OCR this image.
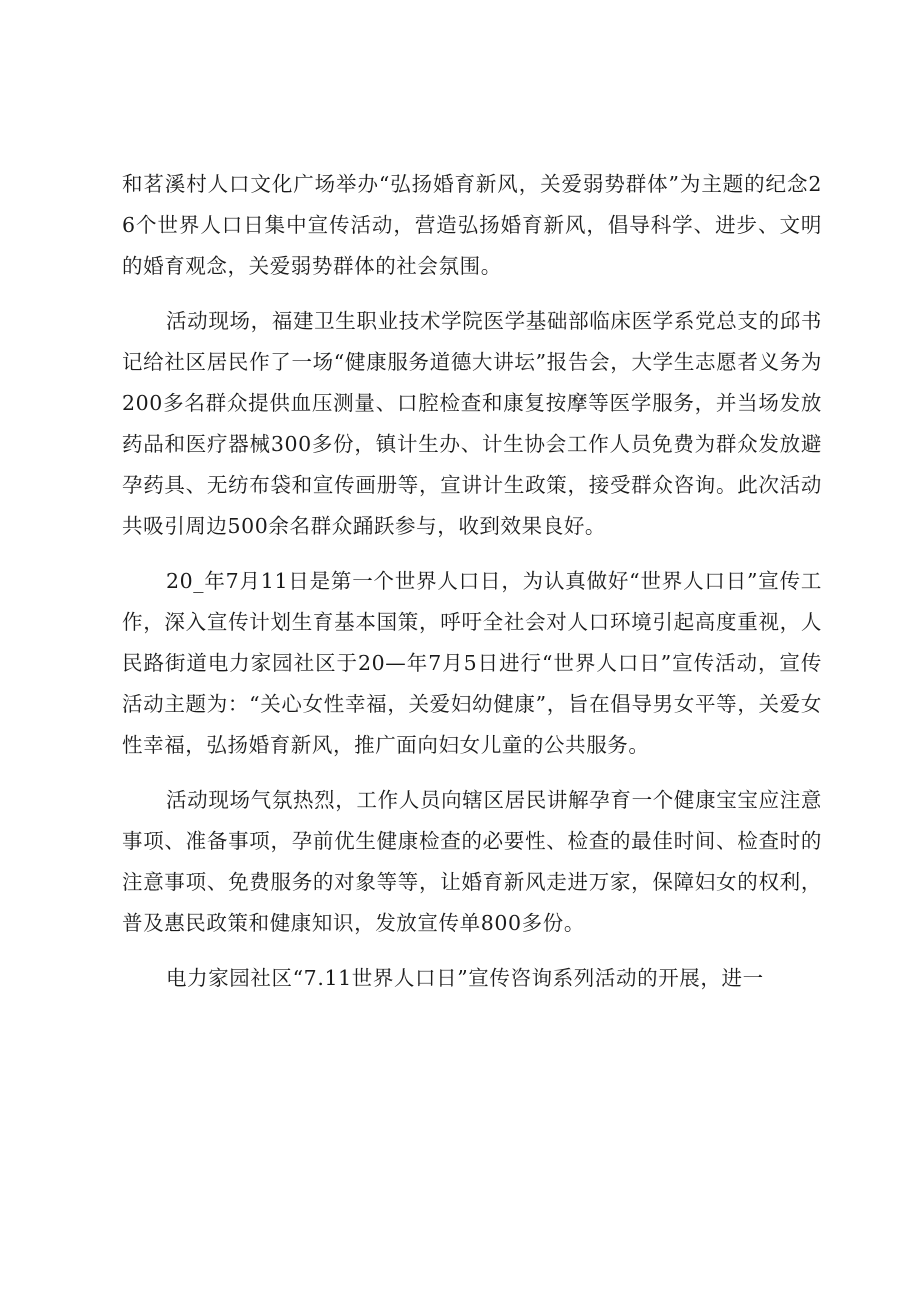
和茗溪村人口文化广场举办“弘扬婚育新风，关爱弱势群体”为主题的纪念26个世界人口日集中宣传活动，营造弘扬婚育新风，倡导科学、进步、文明的婚育观念，关爱弱势群体的社会氛围。

活动现场，福建卫生职业技术学院医学基础部临床医学系党总支的邱书记给社区居民作了一场“健康服务道德大讲坛”报告会，大学生志愿者义务为200多名群众提供血压测量、口腔检查和康复按摩等医学服务，并当场发放药品和医疗器械300多份，镇计生办、计生协会工作人员免费为群众发放避孕药具、无纺布袋和宣传画册等，宣讲计生政策，接受群众咨询。此次活动共吸引周边500余名群众踊跃参与，收到效果良好。

20_年7月11日是第一个世界人口日，为认真做好“世界人口日”宣传工作，深入宣传计划生育基本国策，呼吁全社会对人口环境引起高度重视，人民路街道电力家园社区于20—年7月5日进行“世界人口日”宣传活动，宣传活动主题为：“关心女性幸福，关爱妇幼健康”，旨在倡导男女平等，关爱女性幸福，弘扬婚育新风，推广面向妇女儿童的公共服务。

活动现场气氛热烈，工作人员向辖区居民讲解孕育一个健康宝宝应注意事项、准备事项，孕前优生健康检查的必要性、检查的最佳时间、检查时的注意事项、免费服务的对象等等，让婚育新风走进万家，保障妇女的权利，普及惠民政策和健康知识，发放宣传单800多份。

电力家园社区“7.11世界人口日”宣传咨询系列活动的开展，进一
